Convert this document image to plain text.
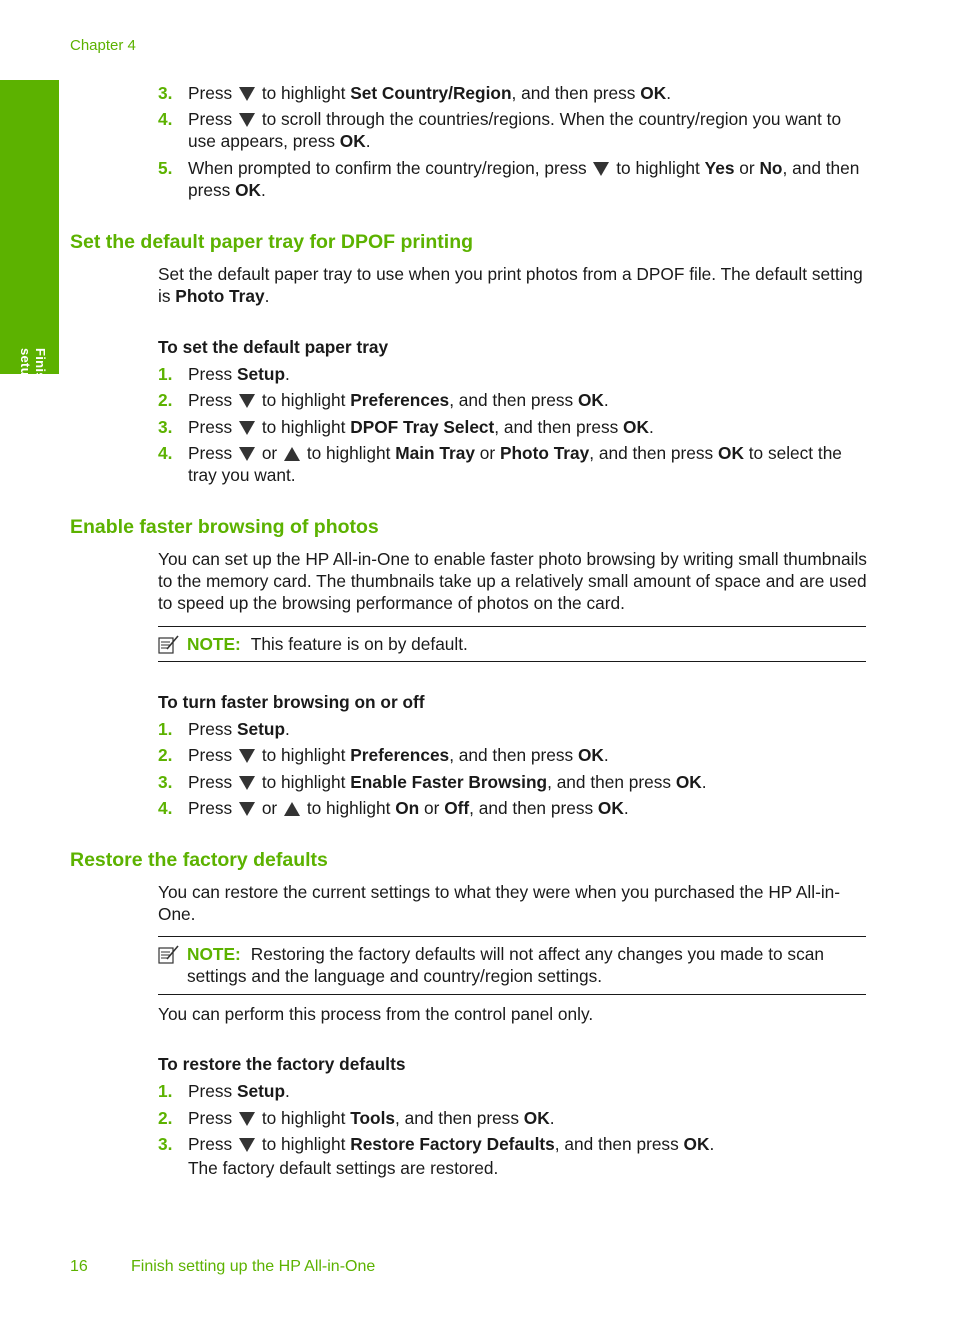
Chapter 4
Finish setup
3. Press to highlight Set Country/Region, and then press OK.
4. Press to scroll through the countries/regions. When the country/region you want to use appears, press OK.
5. When prompted to confirm the country/region, press to highlight Yes or No, and then press OK.
Set the default paper tray for DPOF printing

Set the default paper tray to use when you print photos from a DPOF file. The default setting is Photo Tray.

To set the default paper tray
1. Press Setup.
2. Press to highlight Preferences, and then press OK.
3. Press to highlight DPOF Tray Select, and then press OK.
4. Press or to highlight Main Tray or Photo Tray, and then press OK to select the tray you want.
Enable faster browsing of photos

You can set up the HP All-in-One to enable faster photo browsing by writing small thumbnails to the memory card. The thumbnails take up a relatively small amount of space and are used to speed up the browsing performance of photos on the card.

NOTE: This feature is on by default.
To turn faster browsing on or off
1. Press Setup.
2. Press to highlight Preferences, and then press OK.
3. Press to highlight Enable Faster Browsing, and then press OK.
4. Press or to highlight On or Off, and then press OK.
Restore the factory defaults

You can restore the current settings to what they were when you purchased the HP All-in-One.

NOTE: Restoring the factory defaults will not affect any changes you made to scan settings and the language and country/region settings.

You can perform this process from the control panel only.

To restore the factory defaults
1. Press Setup.
2. Press to highlight Tools, and then press OK.
3. Press to highlight Restore Factory Defaults, and then press OK.
The factory default settings are restored.
16	Finish setting up the HP All-in-One
